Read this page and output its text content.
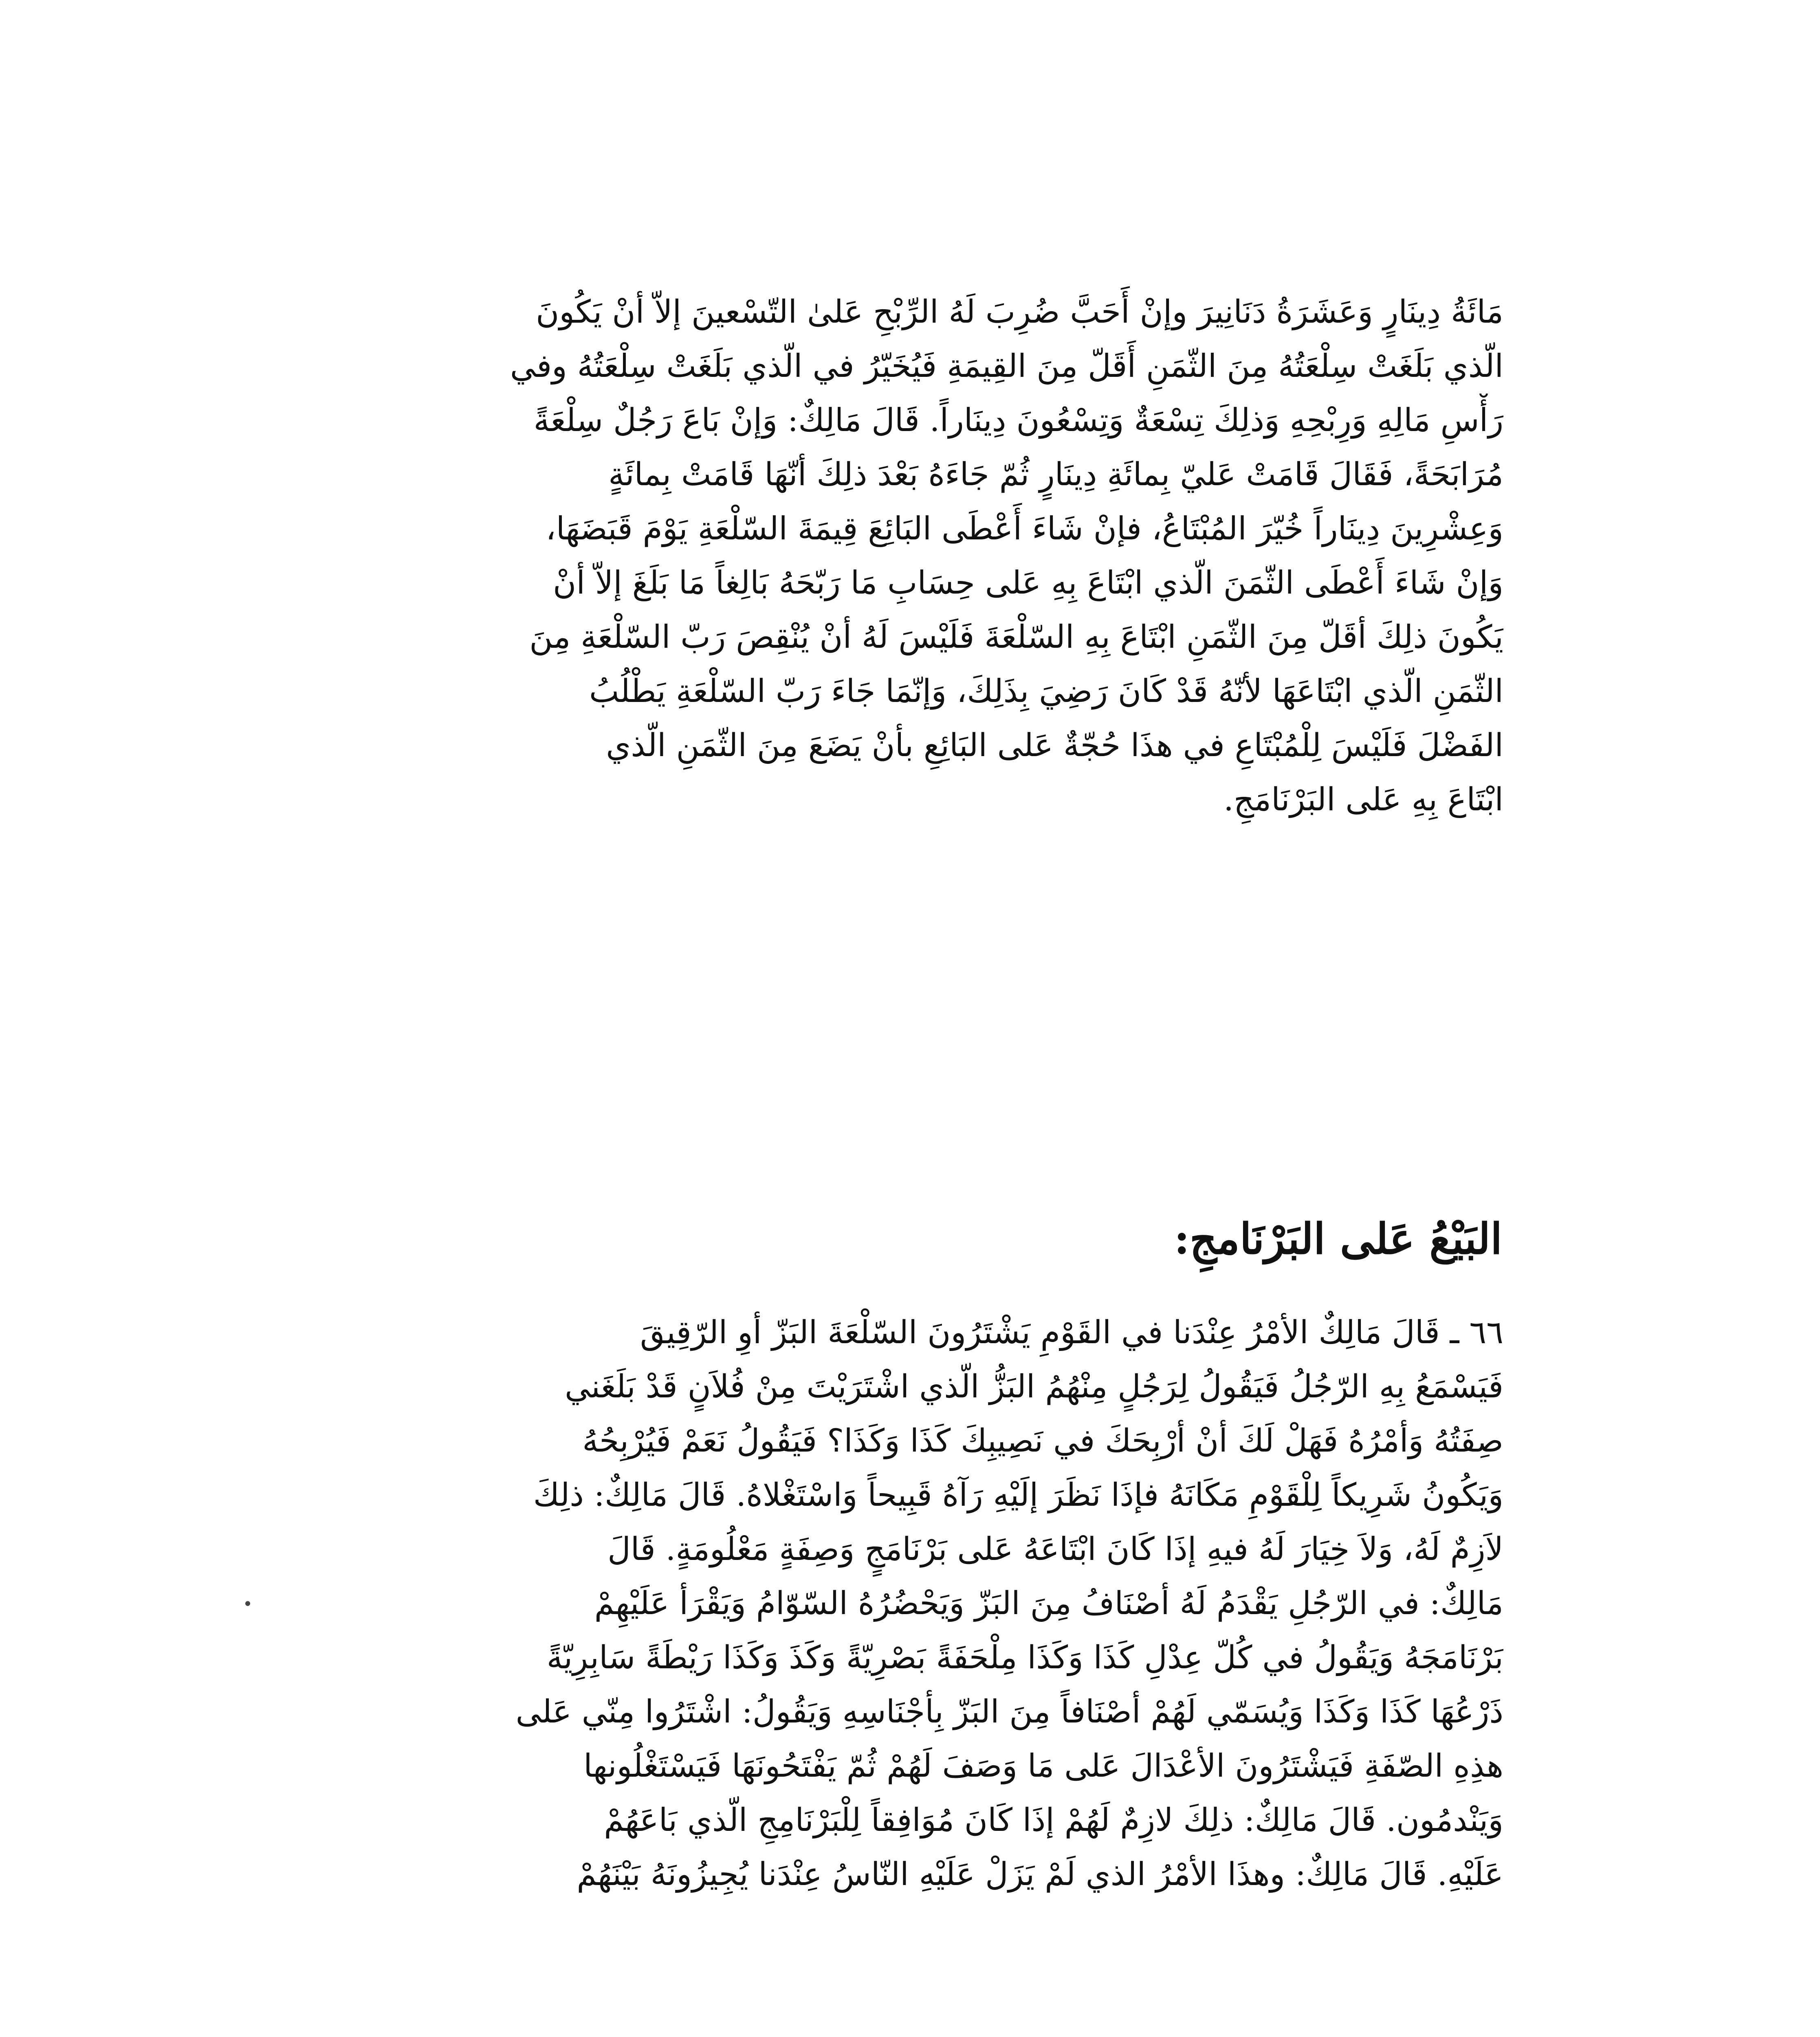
مَائَةُ دِينَارٍ وَعَشَرَةُ دَنَانِيرَ وإنْ أَحَبَّ ضُرِبَ لَهُ الرِّبْحِ عَلىٰ التّسْعينَ إلاّ أنْ يَكُونَ
الّذي بَلَغَتْ سِلْعَتُهُ مِنَ الثّمَنِ أَقَلّ مِنَ القِيمَةِ فَيُخَيّرُ في الّذي بَلَغَتْ سِلْعَتُهُ وفي
رَأْسِ مَالِهِ وَرِبْحِهِ وَذلِكَ تِسْعَةٌ وَتِسْعُونَ دِينَاراً. قَالَ مَالِكٌ: وَإنْ بَاعَ رَجُلٌ سِلْعَةً
مُرَابَحَةً، فَقَالَ قَامَتْ عَليّ بِمائَةِ دِينَارٍ ثُمّ جَاءَهُ بَعْدَ ذلِكَ أنّهَا قَامَتْ بِمائَةٍ
وَعِشْرِينَ دِينَاراً خُيّرَ المُبْتَاعُ، فإنْ شَاءَ أَعْطَى البَائِعَ قِيمَةَ السّلْعَةِ يَوْمَ قَبَضَهَا،
وَإنْ شَاءَ أَعْطَى الثّمَنَ الّذي ابْتَاعَ بِهِ عَلى حِسَابِ مَا رَبّحَهُ بَالِغاً مَا بَلَغَ إلاّ أنْ
يَكُونَ ذلِكَ أقَلّ مِنَ الثّمَنِ ابْتَاعَ بِهِ السّلْعَةَ فَلَيْسَ لَهُ أنْ يُنْقِصَ رَبّ السّلْعَةِ مِنَ
الثّمَنِ الّذي ابْتَاعَهَا لأنّهُ قَدْ كَانَ رَضِيَ بِذَلِكَ، وَإنّمَا جَاءَ رَبّ السّلْعَةِ يَطْلُبُ
الفَضْلَ فَلَيْسَ لِلْمُبْتَاعِ في هذَا حُجّةٌ عَلى البَائِعِ بأنْ يَضَعَ مِنَ الثّمَنِ الّذي
ابْتَاعَ بِهِ عَلى البَرْنَامَجِ.
البَيْعُ عَلى البَرْنَامجِ:
٦٦ ـ قَالَ مَالِكٌ الأمْرُ عِنْدَنا في القَوْمِ يَشْتَرُونَ السّلْعَةَ البَزّ أوِ الرّقِيقَ
فَيَسْمَعُ بِهِ الرّجُلُ فَيَقُولُ لِرَجُلٍ مِنْهُمُ البَزُّ الّذي اشْتَرَيْتَ مِنْ فُلاَنٍ قَدْ بَلَغَني
صِفَتُهُ وَأمْرُهُ فَهَلْ لَكَ أنْ أرْبِحَكَ في نَصِيبِكَ كَذَا وَكَذَا؟ فَيَقُولُ نَعَمْ فَيُرْبِحُهُ
وَيَكُونُ شَرِيكاً لِلْقَوْمِ مَكَانَهُ فإذَا نَظَرَ إلَيْهِ رَآهُ قَبِيحاً وَاسْتَغْلاهُ. قَالَ مَالِكٌ: ذلِكَ
لاَزِمٌ لَهُ، وَلاَ خِيَارَ لَهُ فيهِ إذَا كَانَ ابْتَاعَهُ عَلى بَرْنَامَجٍ وَصِفَةٍ مَعْلُومَةٍ. قَالَ
مَالِكٌ: في الرّجُلِ يَقْدَمُ لَهُ أصْنَافُ مِنَ البَزّ وَيَحْضُرُهُ السّوّامُ وَيَقْرَأ عَلَيْهِمْ
بَرْنَامَجَهُ وَيَقُولُ في كُلّ عِدْلِ كَذَا وَكَذَا مِلْحَفَةً بَصْرِيّةً وَكَذَ وَكَذَا رَيْطَةً سَابِرِيّةً
ذَرْعُهَا كَذَا وَكَذَا وَيُسَمّي لَهُمْ أصْنَافاً مِنَ البَزّ بِأجْنَاسِهِ وَيَقُولُ: اشْتَرُوا مِنّي عَلى
هذِهِ الصّفَةِ فَيَشْتَرُونَ الأعْدَالَ عَلى مَا وَصَفَ لَهُمْ ثُمّ يَفْتَحُونَهَا فَيَسْتَغْلُونها
وَيَنْدمُون. قَالَ مَالِكٌ: ذلِكَ لازِمٌ لَهُمْ إذَا كَانَ مُوَافِقاً لِلْبَرْنَامِجِ الّذي بَاعَهُمْ
عَلَيْهِ. قَالَ مَالِكٌ: وهذَا الأمْرُ الذي لَمْ يَزَلْ عَلَيْهِ النّاسُ عِنْدَنا يُجِيزُونَهُ بَيْنَهُمْ
